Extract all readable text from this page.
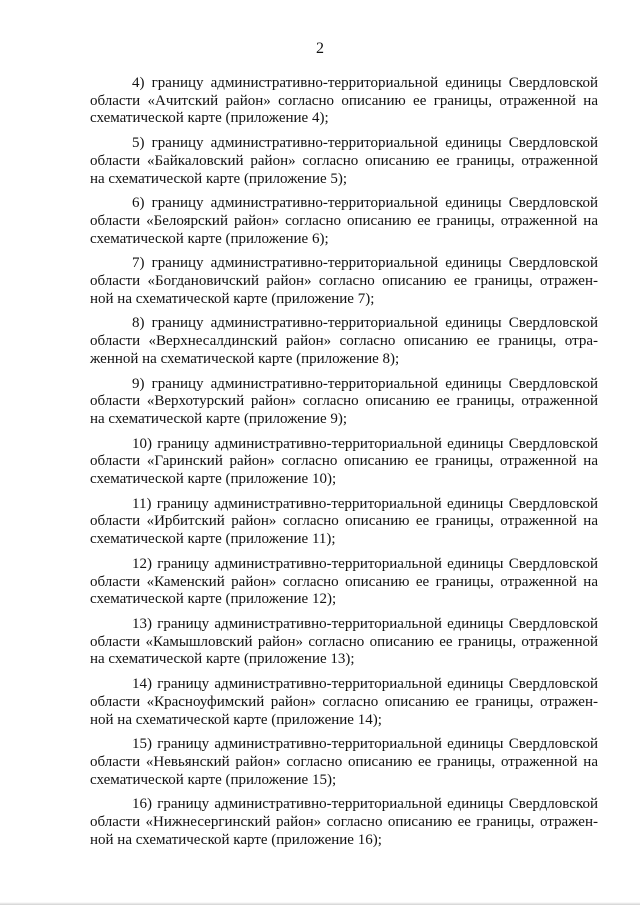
2
4) границу административно-территориальной единицы Свердловской
области «Ачитский район» согласно описанию ее границы, отраженной на
схематической карте (приложение 4);
5) границу административно-территориальной единицы Свердловской
области «Байкаловский район» согласно описанию ее границы, отраженной
на схематической карте (приложение 5);
6) границу административно-территориальной единицы Свердловской
области «Белоярский район» согласно описанию ее границы, отраженной на
схематической карте (приложение 6);
7) границу административно-территориальной единицы Свердловской
области «Богдановичский район» согласно описанию ее границы, отражен-
ной на схематической карте (приложение 7);
8) границу административно-территориальной единицы Свердловской
области «Верхнесалдинский район» согласно описанию ее границы, отра-
женной на схематической карте (приложение 8);
9) границу административно-территориальной единицы Свердловской
области «Верхотурский район» согласно описанию ее границы, отраженной
на схематической карте (приложение 9);
10) границу административно-территориальной единицы Свердловской
области «Гаринский район» согласно описанию ее границы, отраженной на
схематической карте (приложение 10);
11) границу административно-территориальной единицы Свердловской
области «Ирбитский район» согласно описанию ее границы, отраженной на
схематической карте (приложение 11);
12) границу административно-территориальной единицы Свердловской
области «Каменский район» согласно описанию ее границы, отраженной на
схематической карте (приложение 12);
13) границу административно-территориальной единицы Свердловской
области «Камышловский район» согласно описанию ее границы, отраженной
на схематической карте (приложение 13);
14) границу административно-территориальной единицы Свердловской
области «Красноуфимский район» согласно описанию ее границы, отражен-
ной на схематической карте (приложение 14);
15) границу административно-территориальной единицы Свердловской
области «Невьянский район» согласно описанию ее границы, отраженной на
схематической карте (приложение 15);
16) границу административно-территориальной единицы Свердловской
области «Нижнесергинский район» согласно описанию ее границы, отражен-
ной на схематической карте (приложение 16);
